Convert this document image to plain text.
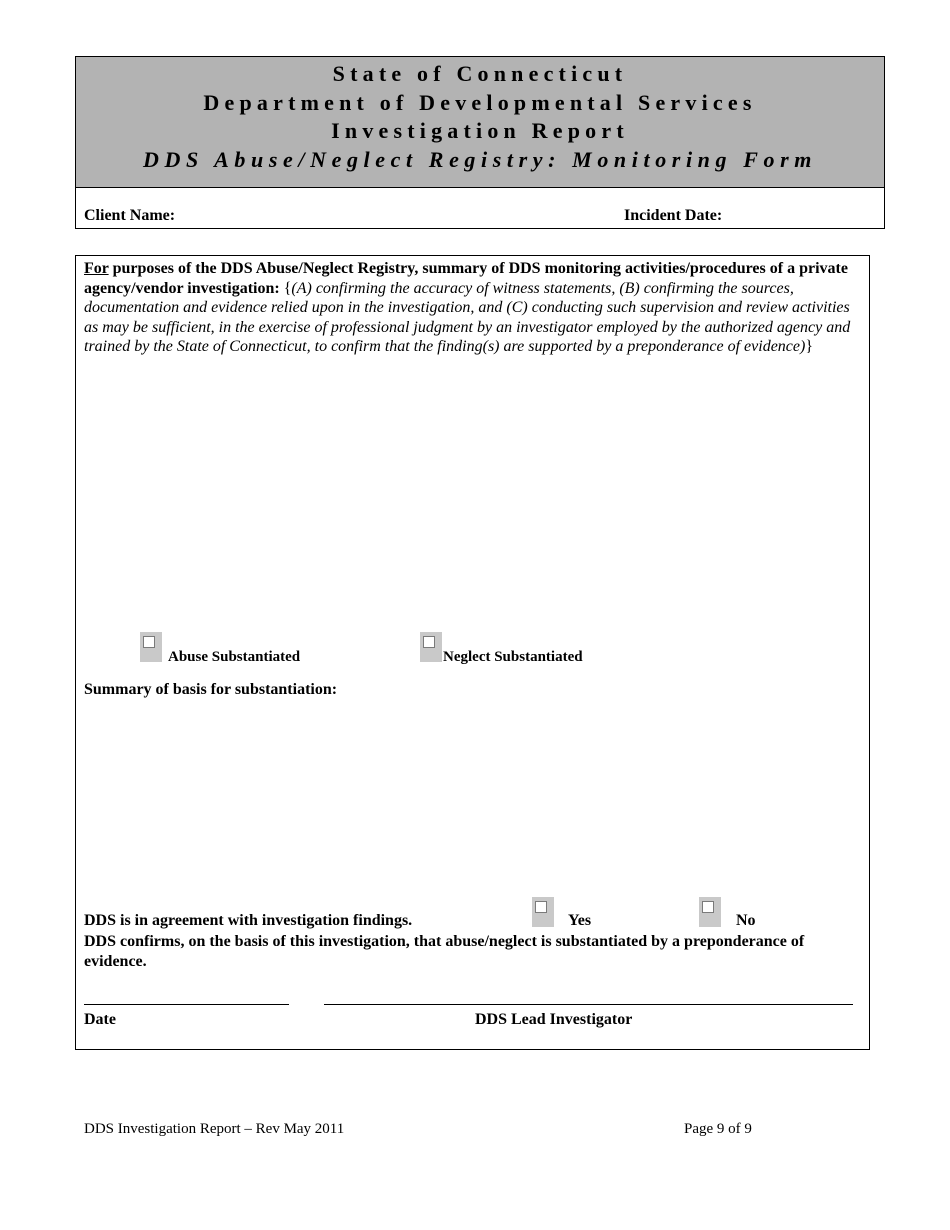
State of Connecticut
Department of Developmental Services
Investigation Report
DDS Abuse/Neglect Registry: Monitoring Form
Client Name:	Incident Date:
For purposes of the DDS Abuse/Neglect Registry, summary of DDS monitoring activities/procedures of a private agency/vendor investigation: {(A) confirming the accuracy of witness statements, (B) confirming the sources, documentation and evidence relied upon in the investigation, and (C) conducting such supervision and review activities as may be sufficient, in the exercise of professional judgment by an investigator employed by the authorized agency and trained by the State of Connecticut, to confirm that the finding(s) are supported by a preponderance of evidence)}
Abuse Substantiated	Neglect Substantiated
Summary of basis for substantiation:
DDS is in agreement with investigation findings.	Yes	No
DDS confirms, on the basis of this investigation, that abuse/neglect is substantiated by a preponderance of evidence.
Date	DDS Lead Investigator
DDS Investigation Report – Rev May 2011	Page 9 of 9
